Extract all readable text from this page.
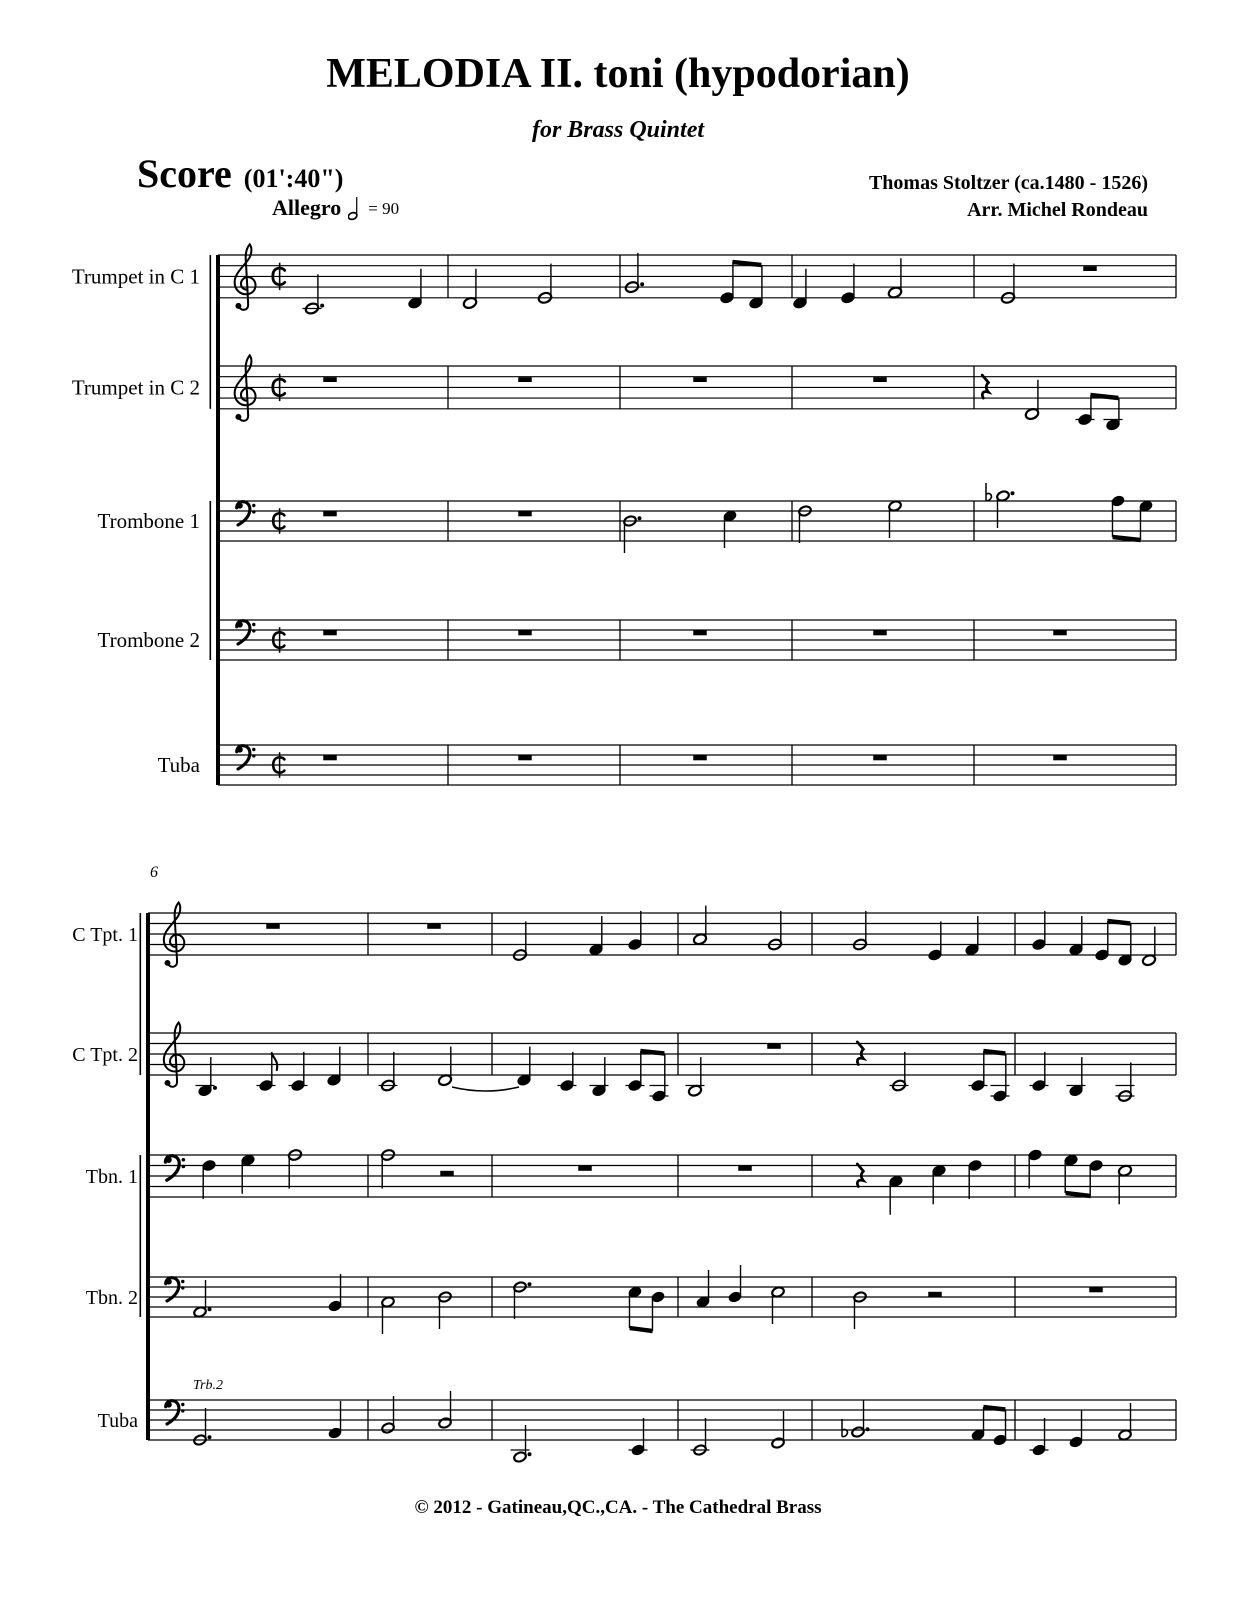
MELODIA II. toni (hypodorian)
for Brass Quintet
Score (01':40")
Allegro = 90
Thomas Stoltzer (ca.1480 - 1526)
Arr. Michel Rondeau
Trumpet in C 1
Trumpet in C 2
Trombone 1
Trombone 2
Tuba
6
C Tpt. 1
C Tpt. 2
Tbn. 1
Tbn. 2
Tuba
Trb.2
© 2012 - Gatineau,QC.,CA. - The Cathedral Brass
